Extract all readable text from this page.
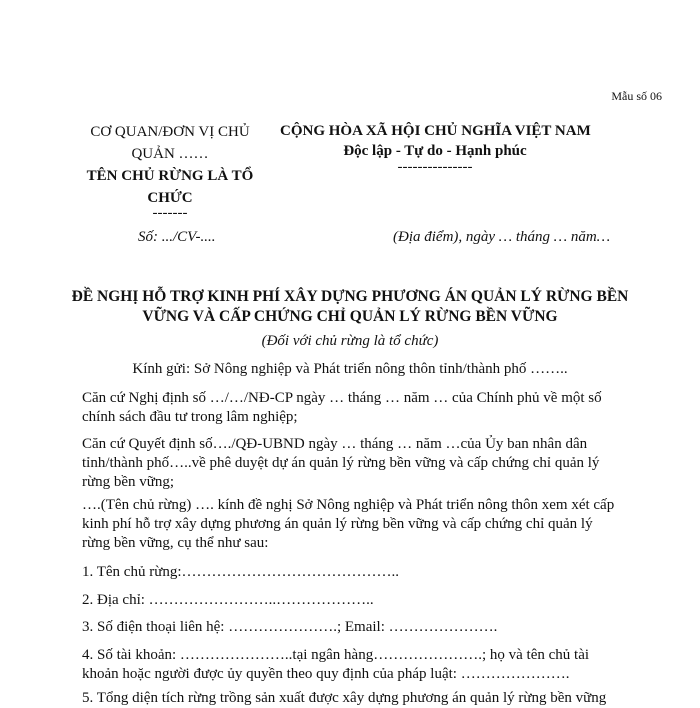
Mẫu số 06
CƠ QUAN/ĐƠN VỊ CHỦ QUẢN ……
TÊN CHỦ RỪNG LÀ TỔ CHỨC
-------
CỘNG HÒA XÃ HỘI CHỦ NGHĨA VIỆT NAM
Độc lập - Tự do - Hạnh phúc
---------------
Số: .../CV-....	(Địa điểm), ngày … tháng … năm…
ĐỀ NGHỊ HỖ TRỢ KINH PHÍ XÂY DỰNG PHƯƠNG ÁN QUẢN LÝ RỪNG BỀN VỮNG VÀ CẤP CHỨNG CHỈ QUẢN LÝ RỪNG BỀN VỮNG
(Đối với chủ rừng là tổ chức)
Kính gửi: Sở Nông nghiệp và Phát triển nông thôn tỉnh/thành phố ……..
Căn cứ Nghị định số …/…/NĐ-CP ngày … tháng … năm … của Chính phủ về một số chính sách đầu tư trong lâm nghiệp;
Căn cứ Quyết định số…./QĐ-UBND ngày … tháng … năm …của Ủy ban nhân dân tỉnh/thành phố…..về phê duyệt dự án quản lý rừng bền vững và cấp chứng chỉ quản lý rừng bền vững;
….(Tên chủ rừng) …. kính đề nghị Sở Nông nghiệp và Phát triển nông thôn xem xét cấp kinh phí hỗ trợ xây dựng phương án quản lý rừng bền vững và cấp chứng chỉ quản lý rừng bền vững, cụ thể như sau:
1. Tên chủ rừng:……………………………………..
2. Địa chỉ: ……………………..………………..
3. Số điện thoại liên hệ: ………………….; Email: ………………….
4. Số tài khoản: …………………..tại ngân hàng………………….; họ và tên chủ tài
khoản hoặc người được ủy quyền theo quy định của pháp luật: ………………….
5. Tổng diện tích rừng trồng sản xuất được xây dựng phương án quản lý rừng bền vững
